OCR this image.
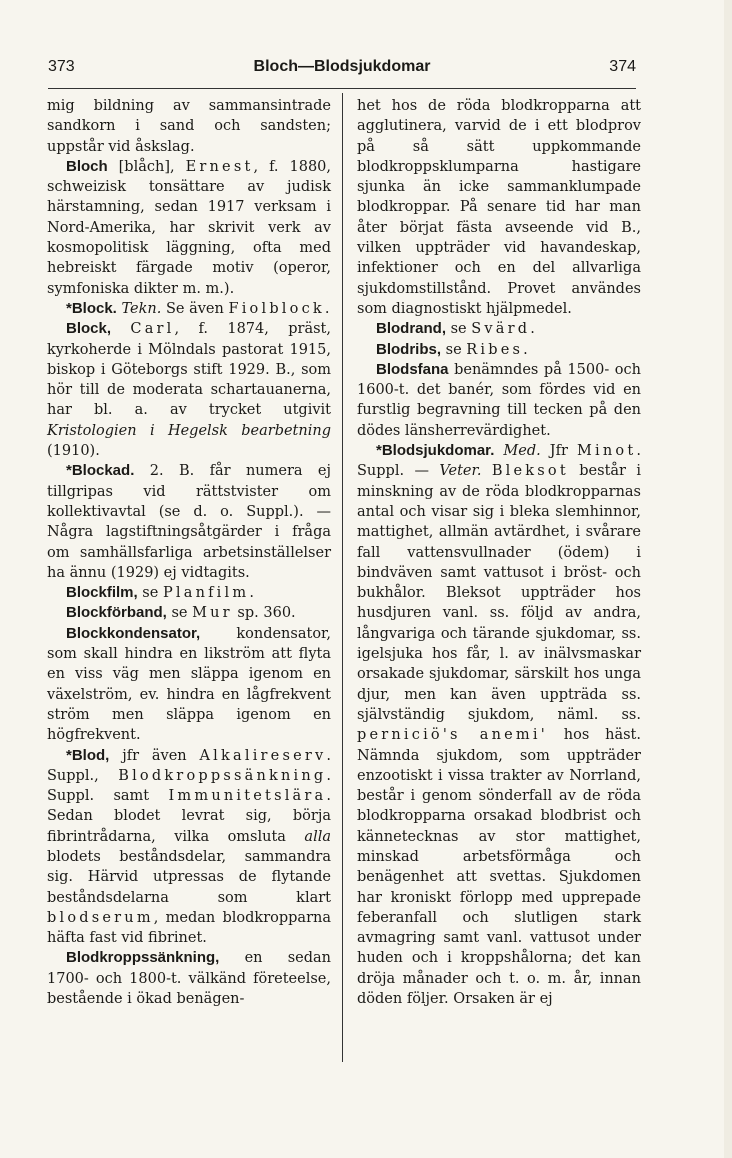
373	Bloch—Blodsjukdomar	374

mig bildning av sammansintrade sandkorn i sand och sandsten; uppstår vid åskslag.

Bloch [blåch], Ernest, f. 1880, schweizisk tonsättare av judisk härstamning, sedan 1917 verksam i Nord-Amerika, har skrivit verk av kosmopolitisk läggning, ofta med hebreiskt färgade motiv (operor, symfoniska dikter m. m.).

*Block. Tekn. Se även Fiolblock.

Block, Carl, f. 1874, präst, kyrkoherde i Mölndals pastorat 1915, biskop i Göteborgs stift 1929. B., som hör till de moderata schartauanerna, har bl. a. av trycket utgivit Kristologien i Hegelsk bearbetning (1910).

*Blockad. 2. B. får numera ej tillgripas vid rättstvister om kollektivavtal (se d. o. Suppl.). — Några lagstiftningsåtgärder i fråga om samhällsfarliga arbetsinställelser ha ännu (1929) ej vidtagits.

Blockfilm, se Planfilm.

Blockförband, se Mur sp. 360.

Blockkondensator, kondensator, som skall hindra en likström att flyta en viss väg men släppa igenom en växelström, ev. hindra en lågfrekvent ström men släppa igenom en högfrekvent.

*Blod, jfr även Alkalireserv. Suppl., Blodkroppssänkning. Suppl. samt Immunitetslära. Sedan blodet levrat sig, börja fibrintrådarna, vilka omsluta alla blodets beståndsdelar, sammandra sig. Härvid utpressas de flytande beståndsdelarna som klart blodserum, medan blodkropparna häfta fast vid fibrinet.

Blodkroppssänkning, en sedan 1700- och 1800-t. välkänd företeelse, bestående i ökad benägen-

het hos de röda blodkropparna att agglutinera, varvid de i ett blodprov på så sätt uppkommande blodkroppsklumparna hastigare sjunka än icke sammanklumpade blodkroppar. På senare tid har man åter börjat fästa avseende vid B., vilken uppträder vid havandeskap, infektioner och en del allvarliga sjukdomstillstånd. Provet användes som diagnostiskt hjälpmedel.

Blodrand, se Svärd.

Blodribs, se Ribes.

Blodsfana benämndes på 1500- och 1600-t. det banér, som fördes vid en furstlig begravning till tecken på den dödes länsherrevärdighet.

*Blodsjukdomar. Med. Jfr Minot. Suppl. — Veter. Bleksot består i minskning av de röda blodkropparnas antal och visar sig i bleka slemhinnor, mattighet, allmän avtärdhet, i svårare fall vattensvullnader (ödem) i bindväven samt vattusot i bröst- och bukhålor. Bleksot uppträder hos husdjuren vanl. ss. följd av andra, långvariga och tärande sjukdomar, ss. igelsjuka hos får, l. av inälvsmaskar orsakade sjukdomar, särskilt hos unga djur, men kan även uppträda ss. självständig sjukdom, näml. ss. perniciö's anemi' hos häst. Nämnda sjukdom, som uppträder enzootiskt i vissa trakter av Norrland, består i genom sönderfall av de röda blodkropparna orsakad blodbrist och kännetecknas av stor mattighet, minskad arbetsförmåga och benägenhet att svettas. Sjukdomen har kroniskt förlopp med upprepade feberanfall och slutligen stark avmagring samt vanl. vattusot under huden och i kroppshålorna; det kan dröja månader och t. o. m. år, innan döden följer. Orsaken är ej
